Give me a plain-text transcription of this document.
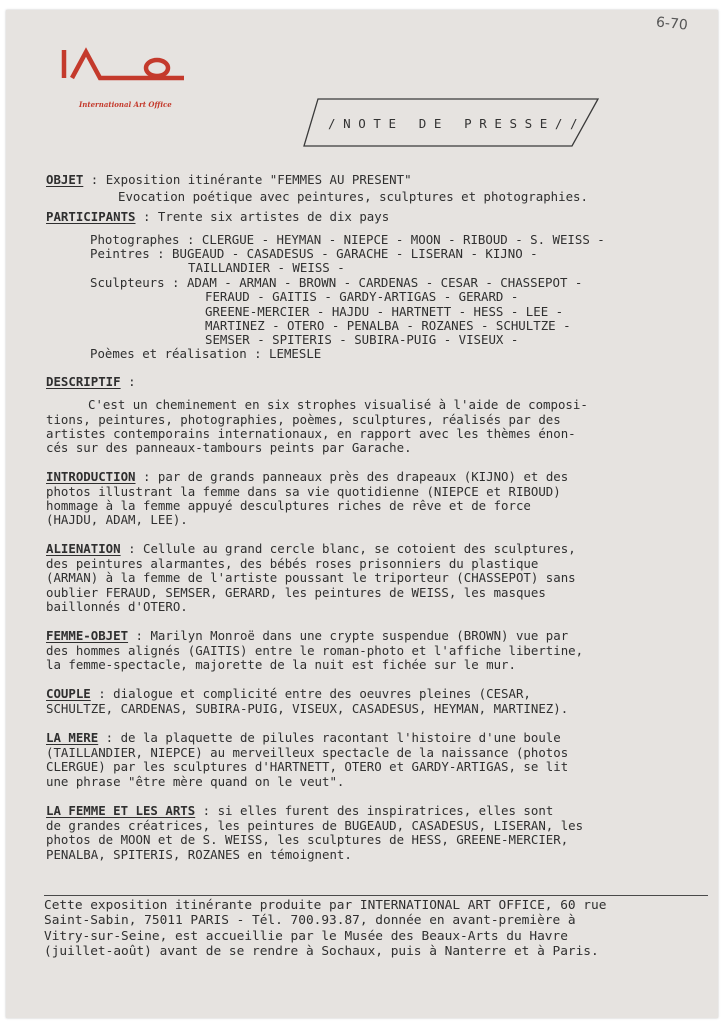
6-70
International Art Office
/NOTE DE PRESSE//
OBJET : Exposition itinérante "FEMMES AU PRESENT"
Evocation poétique avec peintures, sculptures et photographies.
PARTICIPANTS : Trente six artistes de dix pays
Photographes : CLERGUE - HEYMAN - NIEPCE - MOON - RIBOUD - S. WEISS -
Peintres : BUGEAUD - CASADESUS - GARACHE - LISERAN - KIJNO -
TAILLANDIER - WEISS -
Sculpteurs : ADAM - ARMAN - BROWN - CARDENAS - CESAR - CHASSEPOT -
FERAUD - GAITIS - GARDY-ARTIGAS - GERARD -
GREENE-MERCIER - HAJDU - HARTNETT - HESS - LEE -
MARTINEZ - OTERO - PENALBA - ROZANES - SCHULTZE -
SEMSER - SPITERIS - SUBIRA-PUIG - VISEUX -
Poèmes et réalisation : LEMESLE
DESCRIPTIF :
C'est un cheminement en six strophes visualisé à l'aide de composi-
tions, peintures, photographies, poèmes, sculptures, réalisés par des
artistes contemporains internationaux, en rapport avec les thèmes énon-
cés sur des panneaux-tambours peints par Garache.
INTRODUCTION : par de grands panneaux près des drapeaux (KIJNO) et des
photos illustrant la femme dans sa vie quotidienne (NIEPCE et RIBOUD)
hommage à la femme appuyé desculptures riches de rêve et de force
(HAJDU, ADAM, LEE).
ALIENATION : Cellule au grand cercle blanc, se cotoient des sculptures,
des peintures alarmantes, des bébés roses prisonniers du plastique
(ARMAN) à la femme de l'artiste poussant le triporteur (CHASSEPOT) sans
oublier FERAUD, SEMSER, GERARD, les peintures de WEISS, les masques
baillonnés d'OTERO.
FEMME-OBJET : Marilyn Monroë dans une crypte suspendue (BROWN) vue par
des hommes alignés (GAITIS) entre le roman-photo et l'affiche libertine,
la femme-spectacle, majorette de la nuit est fichée sur le mur.
COUPLE : dialogue et complicité entre des oeuvres pleines (CESAR,
SCHULTZE, CARDENAS, SUBIRA-PUIG, VISEUX, CASADESUS, HEYMAN, MARTINEZ).
LA MERE : de la plaquette de pilules racontant l'histoire d'une boule
(TAILLANDIER, NIEPCE) au merveilleux spectacle de la naissance (photos
CLERGUE) par les sculptures d'HARTNETT, OTERO et GARDY-ARTIGAS, se lit
une phrase "être mère quand on le veut".
LA FEMME ET LES ARTS : si elles furent des inspiratrices, elles sont
de grandes créatrices, les peintures de BUGEAUD, CASADESUS, LISERAN, les
photos de MOON et de S. WEISS, les sculptures de HESS, GREENE-MERCIER,
PENALBA, SPITERIS, ROZANES en témoignent.
Cette exposition itinérante produite par INTERNATIONAL ART OFFICE, 60 rue
Saint-Sabin, 75011 PARIS - Tél. 700.93.87, donnée en avant-première à
Vitry-sur-Seine, est accueillie par le Musée des Beaux-Arts du Havre
(juillet-août) avant de se rendre à Sochaux, puis à Nanterre et à Paris.
